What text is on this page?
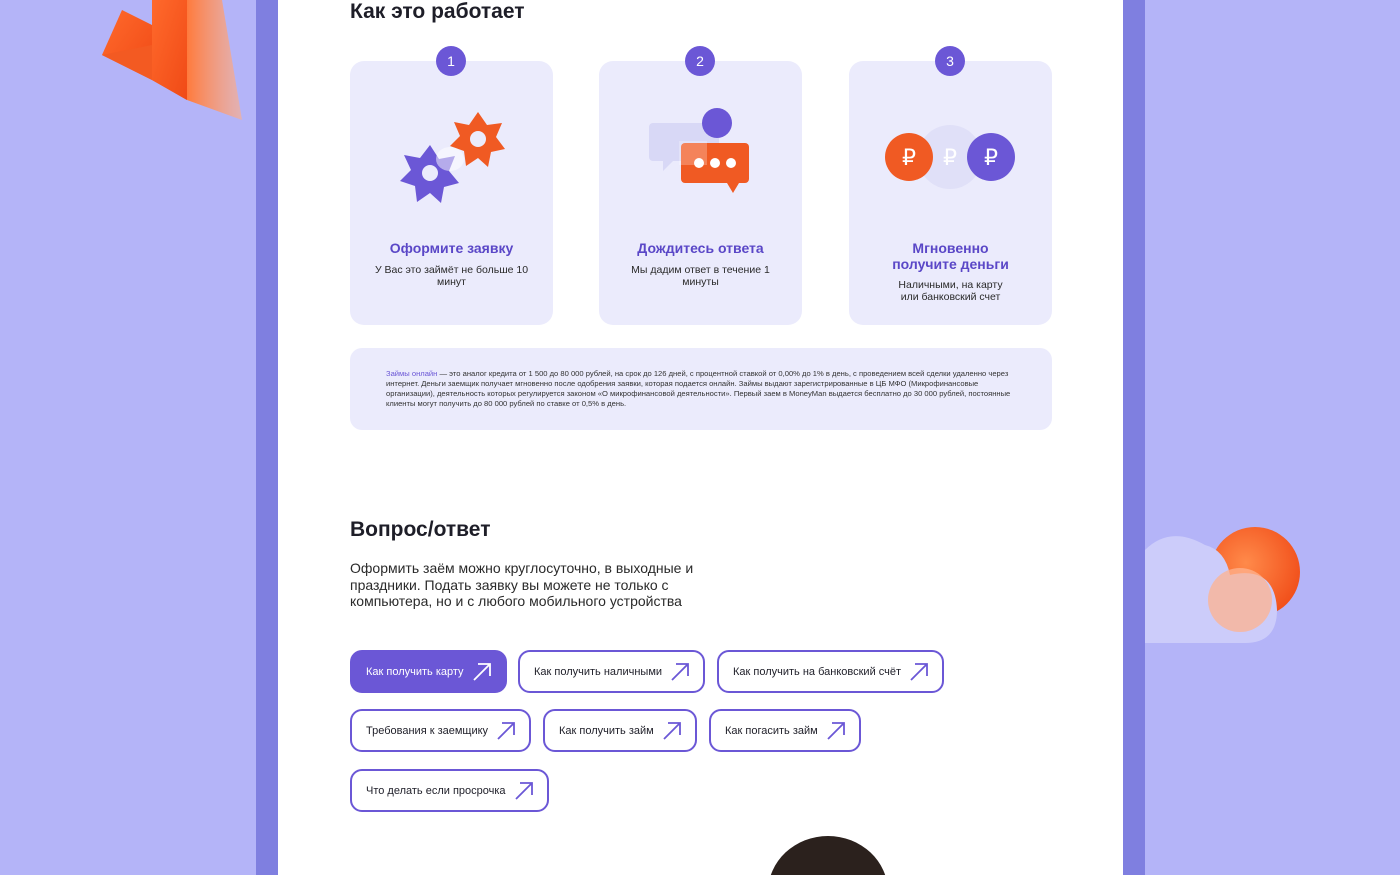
Как это работает
1
Оформите заявку
У Вас это займёт не больше 10 минут
2
Дождитесь ответа
Мы дадим ответ в течение 1 минуты
3
₽ ₽ ₽
Мгновенно получите деньги
Наличными, на карту или банковский счет
Займы онлайн — это аналог кредита от 1 500 до 80 000 рублей, на срок до 126 дней, с процентной ставкой от 0,00% до 1% в день, с проведением всей сделки удаленно через интернет. Деньги заемщик получает мгновенно после одобрения заявки, которая подается онлайн. Займы выдают зарегистрированные в ЦБ МФО (Микрофинансовые организации), деятельность которых регулируется законом «О микрофинансовой деятельности». Первый заем в MoneyMan выдается бесплатно до 30 000 рублей, постоянные клиенты могут получить до 80 000 рублей по ставке от 0,5% в день.
Вопрос/ответ

Оформить заём можно круглосуточно, в выходные и праздники. Подать заявку вы можете не только с компьютера, но и с любого мобильного устройства

Как получить карту	Как получить наличными	Как получить на банковский счёт
Требования к заемщику	Как получить займ	Как погасить займ
Что делать если просрочка
